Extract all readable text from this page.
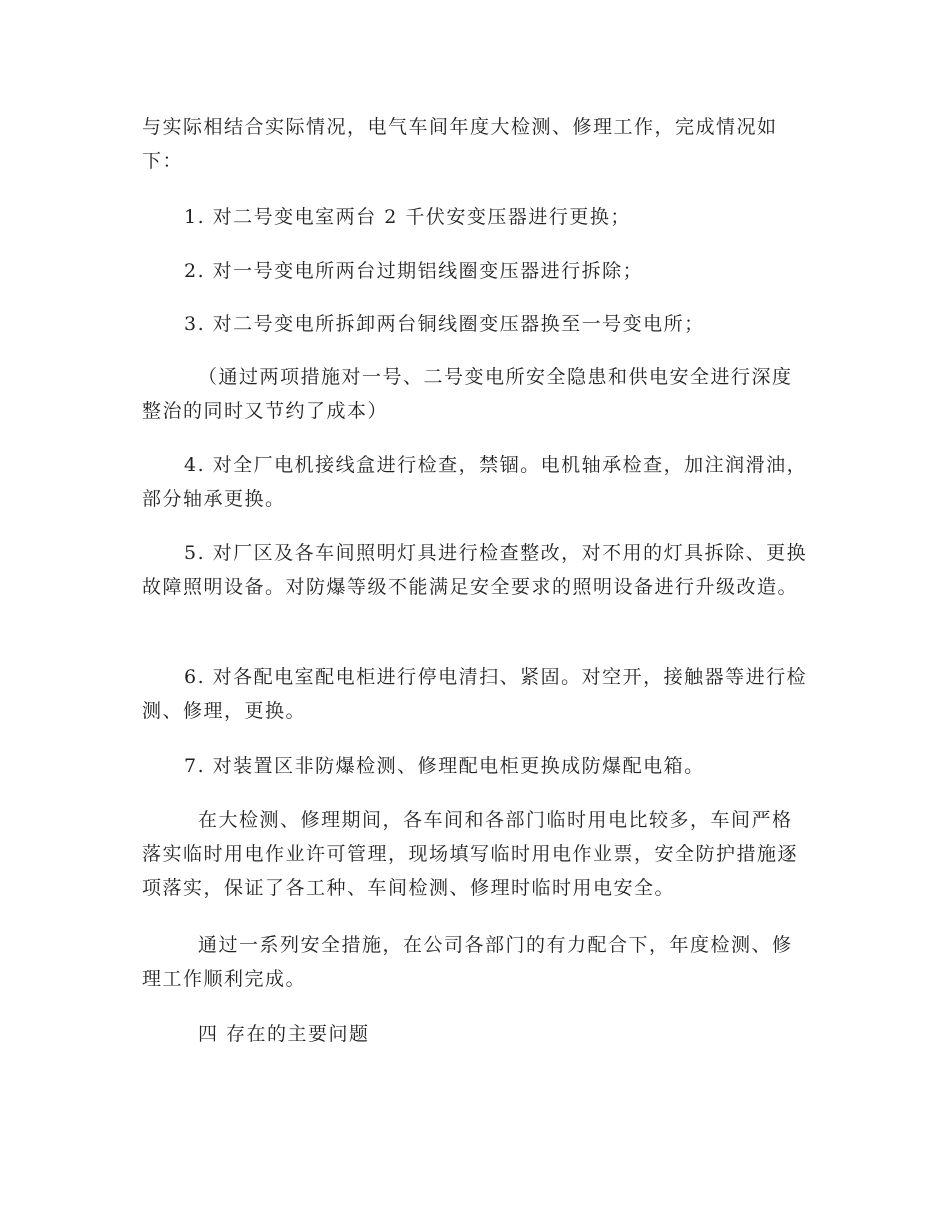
与实际相结合实际情况，电气车间年度大检测、修理工作，完成情况如下：

1. 对二号变电室两台 2 千伏安变压器进行更换；

2. 对一号变电所两台过期铝线圈变压器进行拆除；

3. 对二号变电所拆卸两台铜线圈变压器换至一号变电所；

（通过两项措施对一号、二号变电所安全隐患和供电安全进行深度整治的同时又节约了成本）

4. 对全厂电机接线盒进行检查，禁锢。电机轴承检查，加注润滑油，部分轴承更换。

5. 对厂区及各车间照明灯具进行检查整改，对不用的灯具拆除、更换故障照明设备。对防爆等级不能满足安全要求的照明设备进行升级改造。

6. 对各配电室配电柜进行停电清扫、紧固。对空开，接触器等进行检测、修理，更换。

7. 对装置区非防爆检测、修理配电柜更换成防爆配电箱。

在大检测、修理期间，各车间和各部门临时用电比较多，车间严格落实临时用电作业许可管理，现场填写临时用电作业票，安全防护措施逐项落实，保证了各工种、车间检测、修理时临时用电安全。

通过一系列安全措施，在公司各部门的有力配合下，年度检测、修理工作顺利完成。

四 存在的主要问题
